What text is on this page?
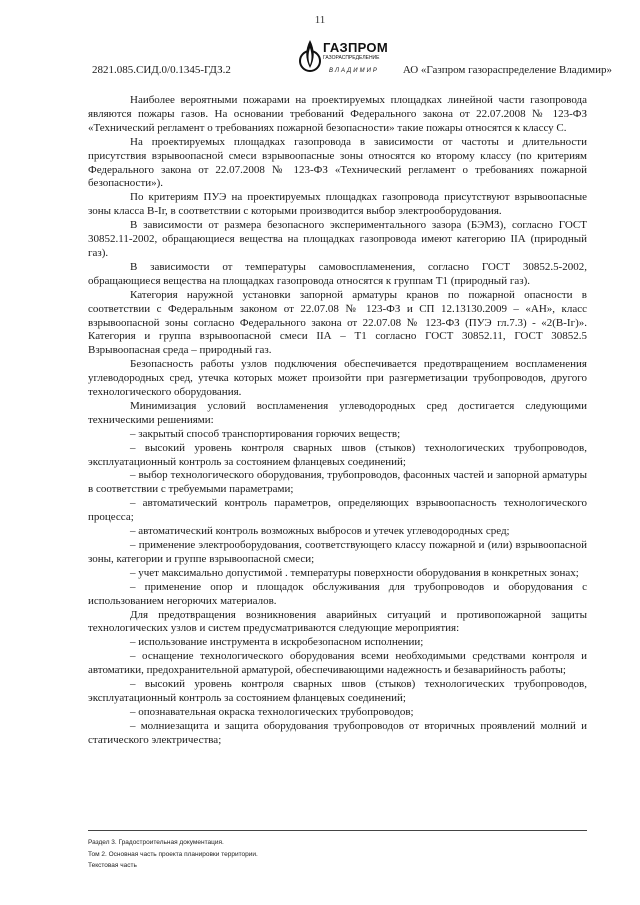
11
2821.085.СИД.0/0.1345-ГДЗ.2
ГАЗПРОМ
ГАЗОРАСПРЕДЕЛЕНИЕ
ВЛАДИМИР АО «Газпром газораспределение Владимир»

Наиболее вероятными пожарами на проектируемых площадках линейной части газопровода являются пожары газов. На основании требований Федерального закона от 22.07.2008 № 123-ФЗ «Технический регламент о требованиях пожарной безопасности» такие пожары относятся к классу С.

На проектируемых площадках газопровода в зависимости от частоты и длительности присутствия взрывоопасной смеси взрывоопасные зоны относятся ко второму классу (по критериям Федерального закона от 22.07.2008 № 123-ФЗ «Технический регламент о требованиях пожарной безопасности»).

По критериям ПУЭ на проектируемых площадках газопровода присутствуют взрывоопасные зоны класса В-Iг, в соответствии с которыми производится выбор электрооборудования.

В зависимости от размера безопасного экспериментального зазора (БЭМЗ), согласно ГОСТ 30852.11-2002, обращающиеся вещества на площадках газопровода имеют категорию IIА (природный газ).

В зависимости от температуры самовоспламенения, согласно ГОСТ 30852.5-2002, обращающиеся вещества на площадках газопровода относятся к группам Т1 (природный газ).

Категория наружной установки запорной арматуры кранов по пожарной опасности в соответствии с Федеральным законом от 22.07.08 № 123-ФЗ и СП 12.13130.2009 – «АН», класс взрывоопасной зоны согласно Федерального закона от 22.07.08 № 123-ФЗ (ПУЭ гл.7.3) - «2(В-Iг)». Категория и группа взрывоопасной смеси IIА – Т1 согласно ГОСТ 30852.11, ГОСТ 30852.5 Взрывоопасная среда – природный газ.

Безопасность работы узлов подключения обеспечивается предотвращением воспламенения углеводородных сред, утечка которых может произойти при разгерметизации трубопроводов, другого технологического оборудования.

Минимизация условий воспламенения углеводородных сред достигается следующими техническими решениями:

– закрытый способ транспортирования горючих веществ;

– высокий уровень контроля сварных швов (стыков) технологических трубопроводов, эксплуатационный контроль за состоянием фланцевых соединений;

– выбор технологического оборудования, трубопроводов, фасонных частей и запорной арматуры в соответствии с требуемыми параметрами;

– автоматический контроль параметров, определяющих взрывоопасность технологического процесса;

– автоматический контроль возможных выбросов и утечек углеводородных сред;

– применение электрооборудования, соответствующего классу пожарной и (или) взрывоопасной зоны, категории и группе взрывоопасной смеси;

– учет максимально допустимой . температуры поверхности оборудования в конкретных зонах;

– применение опор и площадок обслуживания для трубопроводов и оборудования с использованием негорючих материалов.

Для предотвращения возникновения аварийных ситуаций и противопожарной защиты технологических узлов и систем предусматриваются следующие мероприятия:

– использование инструмента в искробезопасном исполнении;

– оснащение технологического оборудования всеми необходимыми средствами контроля и автоматики, предохранительной арматурой, обеспечивающими надежность и безаварийность работы;

– высокий уровень контроля сварных швов (стыков) технологических трубопроводов, эксплуатационный контроль за состоянием фланцевых соединений;

– опознавательная окраска технологических трубопроводов;

– молниезащита и защита оборудования трубопроводов от вторичных проявлений молний и статического электричества;

Раздел 3. Градостроительная документация.
Том 2. Основная часть проекта планировки территории.
Текстовая часть
